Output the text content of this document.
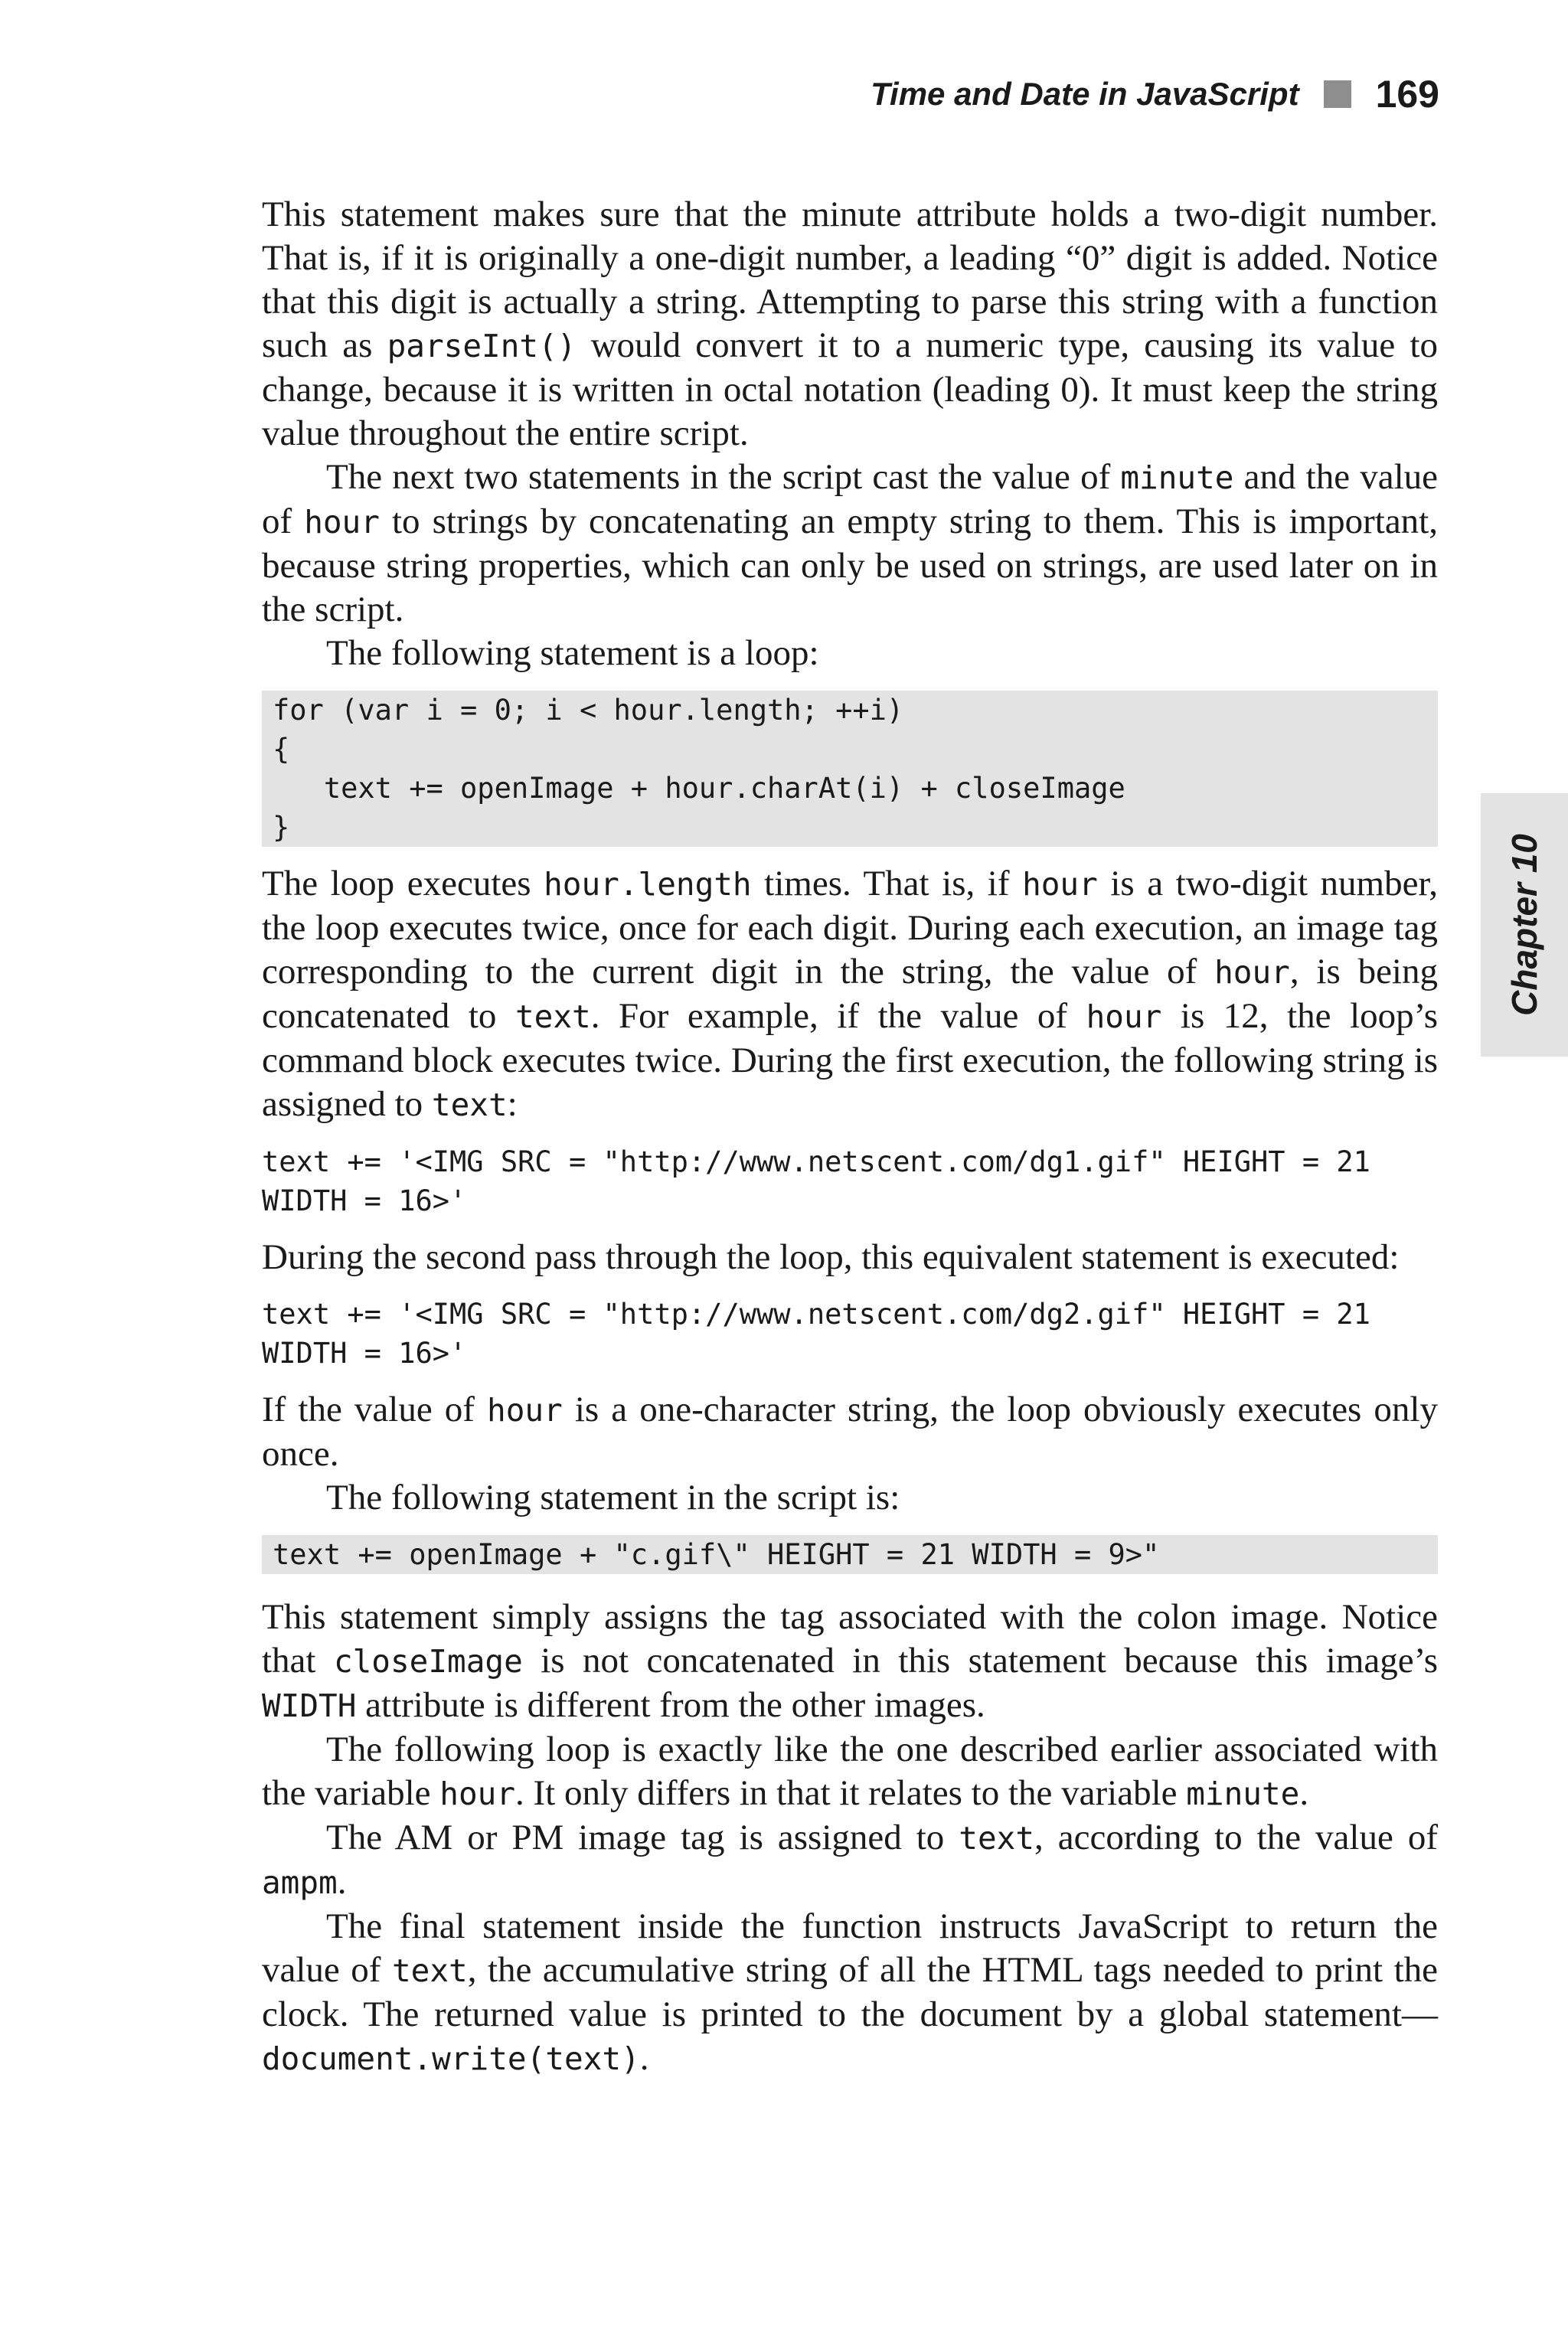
Time and Date in JavaScript 169
Chapter 10

This statement makes sure that the minute attribute holds a two-digit number. That is, if it is originally a one-digit number, a leading “0” digit is added. Notice that this digit is actually a string. Attempting to parse this string with a function such as parseInt() would convert it to a numeric type, causing its value to change, because it is written in octal notation (leading 0). It must keep the string value throughout the entire script.

The next two statements in the script cast the value of minute and the value of hour to strings by concatenating an empty string to them. This is important, because string properties, which can only be used on strings, are used later on in the script.

The following statement is a loop:

for (var i = 0; i < hour.length; ++i)
{
text += openImage + hour.charAt(i) + closeImage
}

The loop executes hour.length times. That is, if hour is a two-digit number, the loop executes twice, once for each digit. During each execution, an image tag corresponding to the current digit in the string, the value of hour, is being concatenated to text. For example, if the value of hour is 12, the loop’s command block executes twice. During the first execution, the following string is assigned to text:

text += '<IMG SRC = "http://www.netscent.com/dg1.gif" HEIGHT = 21
WIDTH = 16>'

During the second pass through the loop, this equivalent statement is executed:

text += '<IMG SRC = "http://www.netscent.com/dg2.gif" HEIGHT = 21
WIDTH = 16>'

If the value of hour is a one-character string, the loop obviously executes only once.

The following statement in the script is:

text += openImage + "c.gif\" HEIGHT = 21 WIDTH = 9>"

This statement simply assigns the tag associated with the colon image. Notice that closeImage is not concatenated in this statement because this image’s WIDTH attribute is different from the other images.

The following loop is exactly like the one described earlier associated with the variable hour. It only differs in that it relates to the variable minute.

The AM or PM image tag is assigned to text, according to the value of ampm.

The final statement inside the function instructs JavaScript to return the value of text, the accumulative string of all the HTML tags needed to print the clock. The returned value is printed to the document by a global statement—document.write(text).
